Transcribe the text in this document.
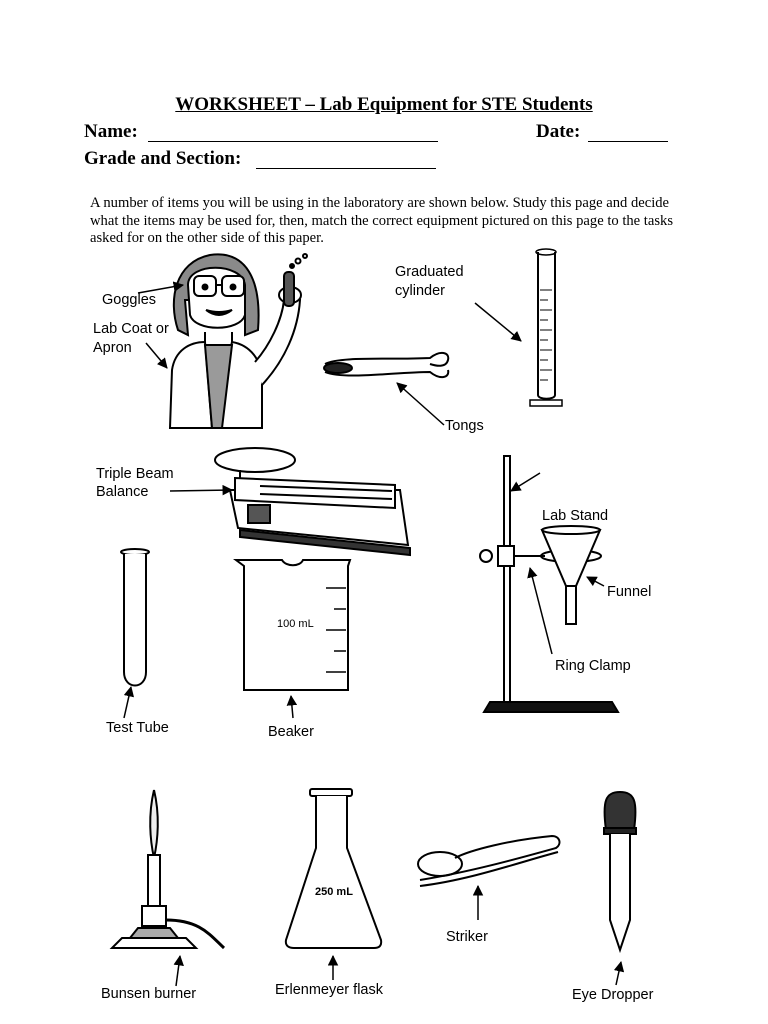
WORKSHEET – Lab Equipment for STE Students
Name:	Date:
Grade and Section:
A number of items you will be using in the laboratory are shown below. Study this page and decide what the items may be used for, then, match the correct equipment pictured on this page to the tasks asked for on the other side of this paper.
Goggles
Lab Coat or
Apron
Graduated
cylinder
Tongs
Triple Beam
Balance
Lab Stand
Funnel
Ring Clamp
Test Tube
100 mL
Beaker
Bunsen burner
250 mL
Erlenmeyer flask
Striker
Eye Dropper
